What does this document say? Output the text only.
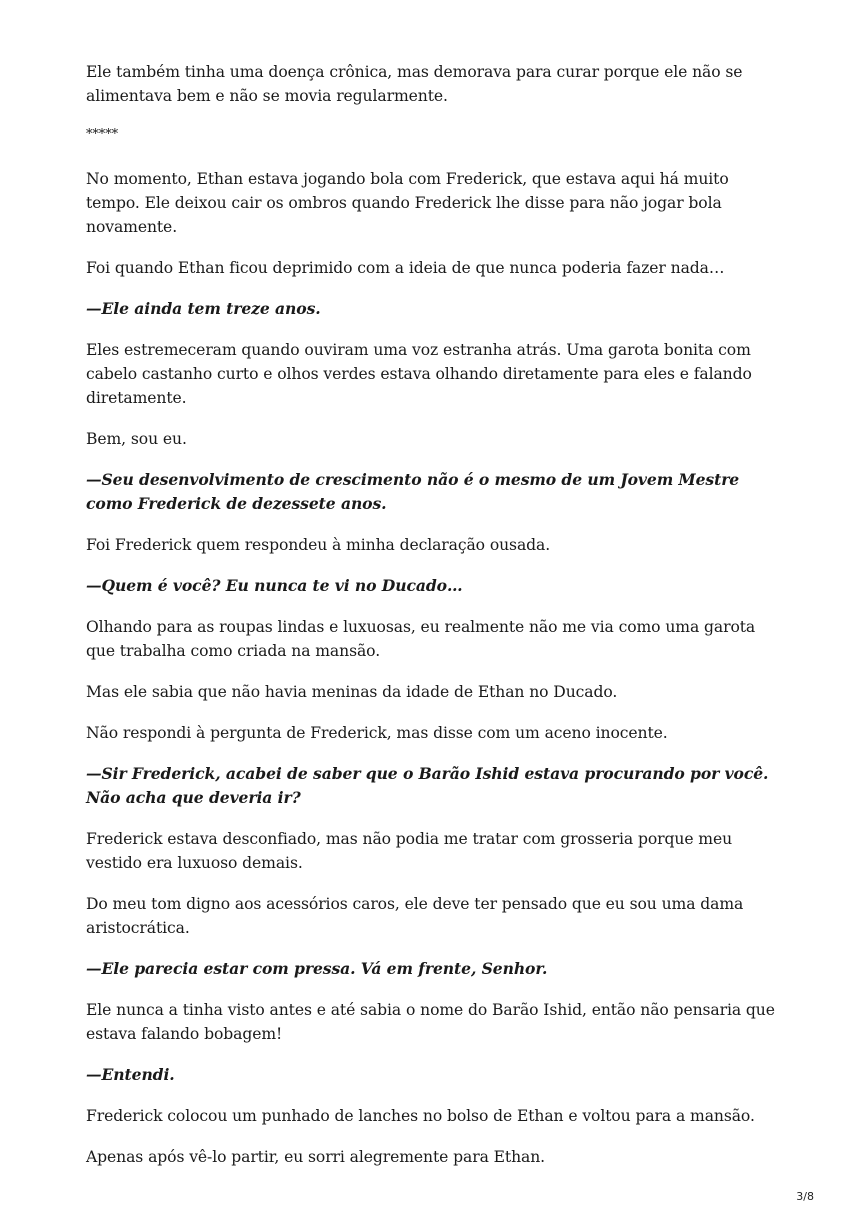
Ele também tinha uma doença crônica, mas demorava para curar porque ele não se alimentava bem e não se movia regularmente.

*****

No momento, Ethan estava jogando bola com Frederick, que estava aqui há muito tempo. Ele deixou cair os ombros quando Frederick lhe disse para não jogar bola novamente.

Foi quando Ethan ficou deprimido com a ideia de que nunca poderia fazer nada…

—Ele ainda tem treze anos.

Eles estremeceram quando ouviram uma voz estranha atrás. Uma garota bonita com cabelo castanho curto e olhos verdes estava olhando diretamente para eles e falando diretamente.

Bem, sou eu.

—Seu desenvolvimento de crescimento não é o mesmo de um Jovem Mestre como Frederick de dezessete anos.

Foi Frederick quem respondeu à minha declaração ousada.

—Quem é você? Eu nunca te vi no Ducado…

Olhando para as roupas lindas e luxuosas, eu realmente não me via como uma garota que trabalha como criada na mansão.

Mas ele sabia que não havia meninas da idade de Ethan no Ducado.

Não respondi à pergunta de Frederick, mas disse com um aceno inocente.

—Sir Frederick, acabei de saber que o Barão Ishid estava procurando por você. Não acha que deveria ir?

Frederick estava desconfiado, mas não podia me tratar com grosseria porque meu vestido era luxuoso demais.

Do meu tom digno aos acessórios caros, ele deve ter pensado que eu sou uma dama aristocrática.

—Ele parecia estar com pressa. Vá em frente, Senhor.

Ele nunca a tinha visto antes e até sabia o nome do Barão Ishid, então não pensaria que estava falando bobagem!

—Entendi.

Frederick colocou um punhado de lanches no bolso de Ethan e voltou para a mansão.

Apenas após vê-lo partir, eu sorri alegremente para Ethan.

3/8
